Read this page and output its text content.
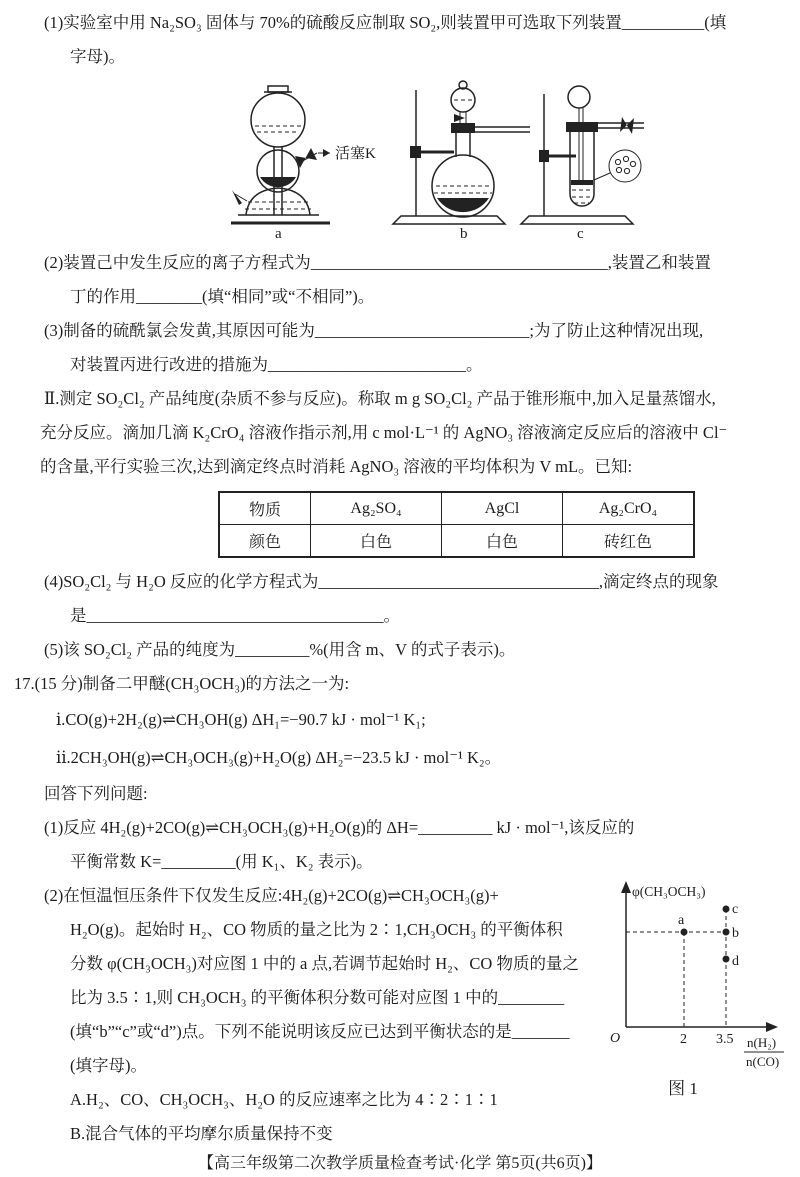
(1)实验室中用 Na₂SO₃ 固体与 70%的硫酸反应制取 SO₂,则装置甲可选取下列装置__________(填
字母)。
活塞K
a	b	c
(2)装置己中发生反应的离子方程式为____________________________________,装置乙和装置
丁的作用________(填“相同”或“不相同”)。
(3)制备的硫酰氯会发黄,其原因可能为__________________________;为了防止这种情况出现,
对装置丙进行改进的措施为________________________。
Ⅱ.测定 SO₂Cl₂ 产品纯度(杂质不参与反应)。称取 m g SO₂Cl₂ 产品于锥形瓶中,加入足量蒸馏水,
充分反应。滴加几滴 K₂CrO₄ 溶液作指示剂,用 c mol·L⁻¹ 的 AgNO₃ 溶液滴定反应后的溶液中 Cl⁻
的含量,平行实验三次,达到滴定终点时消耗 AgNO₃ 溶液的平均体积为 V mL。已知:
物质	Ag₂SO₄	AgCl	Ag₂CrO₄
颜色	白色	白色	砖红色
(4)SO₂Cl₂ 与 H₂O 反应的化学方程式为__________________________________,滴定终点的现象
是____________________________________。
(5)该 SO₂Cl₂ 产品的纯度为_________%(用含 m、V 的式子表示)。
17.(15 分)制备二甲醚(CH₃OCH₃)的方法之一为:
ⅰ.CO(g)+2H₂(g)⇌CH₃OH(g) ΔH₁=−90.7 kJ · mol⁻¹ K₁;
ⅱ.2CH₃OH(g)⇌CH₃OCH₃(g)+H₂O(g) ΔH₂=−23.5 kJ · mol⁻¹ K₂。
回答下列问题:
(1)反应 4H₂(g)+2CO(g)⇌CH₃OCH₃(g)+H₂O(g)的 ΔH=_________ kJ · mol⁻¹,该反应的
平衡常数 K=_________(用 K₁、K₂ 表示)。
(2)在恒温恒压条件下仅发生反应:4H₂(g)+2CO(g)⇌CH₃OCH₃(g)+
H₂O(g)。起始时 H₂、CO 物质的量之比为 2∶1,CH₃OCH₃ 的平衡体积
分数 φ(CH₃OCH₃)对应图 1 中的 a 点,若调节起始时 H₂、CO 物质的量之
比为 3.5∶1,则 CH₃OCH₃ 的平衡体积分数可能对应图 1 中的________
(填“b”“c”或“d”)点。下列不能说明该反应已达到平衡状态的是_______
(填字母)。
A.H₂、CO、CH₃OCH₃、H₂O 的反应速率之比为 4∶2∶1∶1
B.混合气体的平均摩尔质量保持不变
φ(CH₃OCH₃)
a
b
c
d
O	2 3.5 n(H₂)
n(CO)
图 1
【高三年级第二次教学质量检查考试·化学 第5页(共6页)】
